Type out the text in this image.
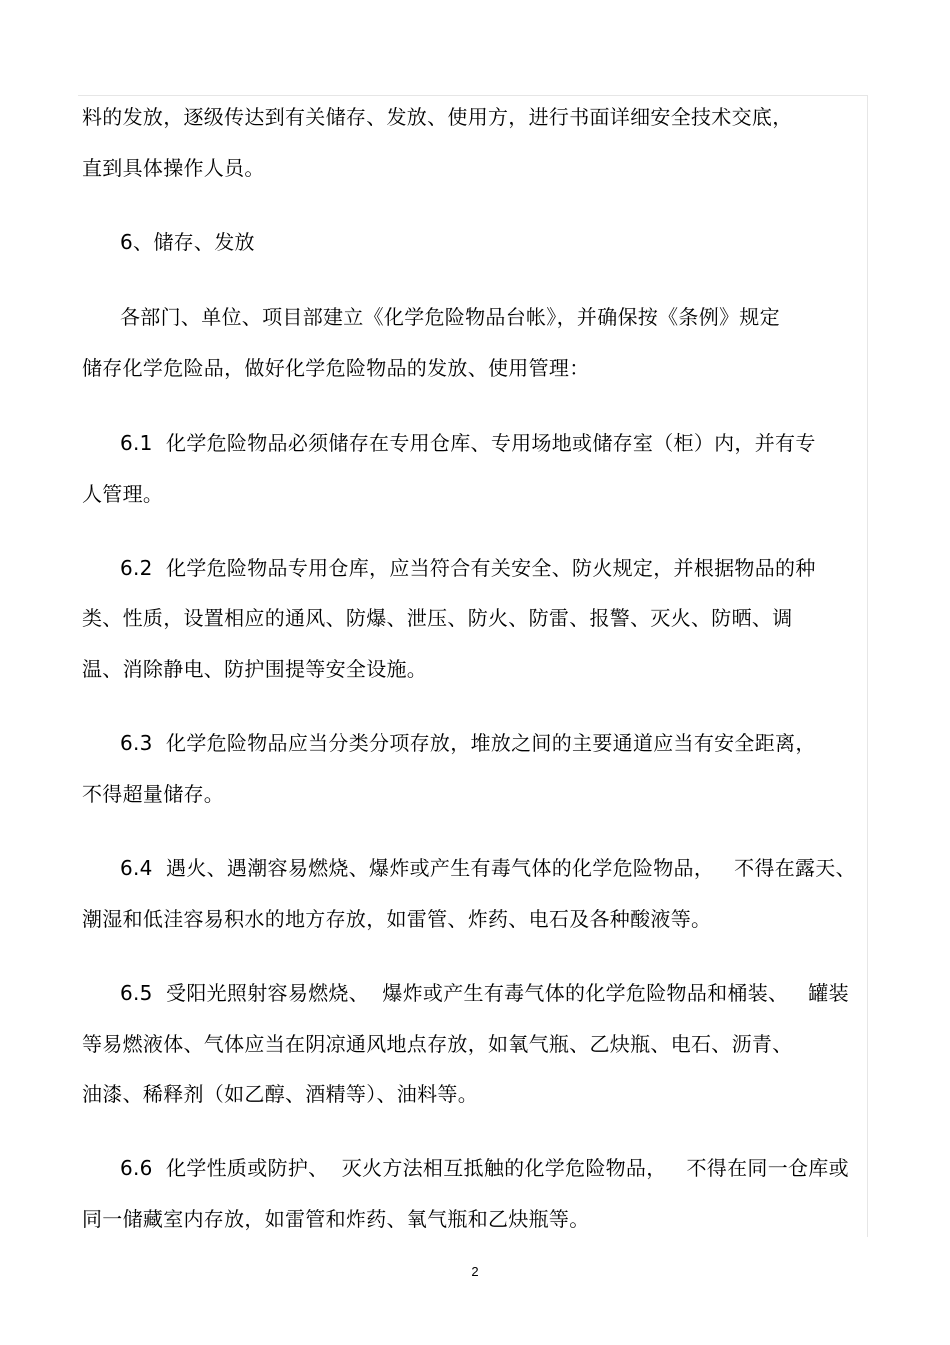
料的发放，逐级传达到有关储存、发放、使用方，进行书面详细安全技术交底，
直到具体操作人员。
6、储存、发放
各部门、单位、项目部建立《化学危险物品台帐》，并确保按《条例》规定
储存化学危险品，做好化学危险物品的发放、使用管理：
6.1  化学危险物品必须储存在专用仓库、专用场地或储存室（柜）内，并有专
人管理。
6.2  化学危险物品专用仓库，应当符合有关安全、防火规定，并根据物品的种
类、性质，设置相应的通风、防爆、泄压、防火、防雷、报警、灭火、防晒、调
温、消除静电、防护围提等安全设施。
6.3  化学危险物品应当分类分项存放，堆放之间的主要通道应当有安全距离，
不得超量储存。
6.4  遇火、遇潮容易燃烧、爆炸或产生有毒气体的化学危险物品，   不得在露天、
潮湿和低洼容易积水的地方存放，如雷管、炸药、电石及各种酸液等。
6.5  受阳光照射容易燃烧、  爆炸或产生有毒气体的化学危险物品和桶装、   罐装
等易燃液体、气体应当在阴凉通风地点存放，如氧气瓶、乙炔瓶、电石、沥青、
油漆、稀释剂（如乙醇、酒精等）、油料等。
6.6  化学性质或防护、  灭火方法相互抵触的化学危险物品，   不得在同一仓库或
同一储藏室内存放，如雷管和炸药、氧气瓶和乙炔瓶等。
2
